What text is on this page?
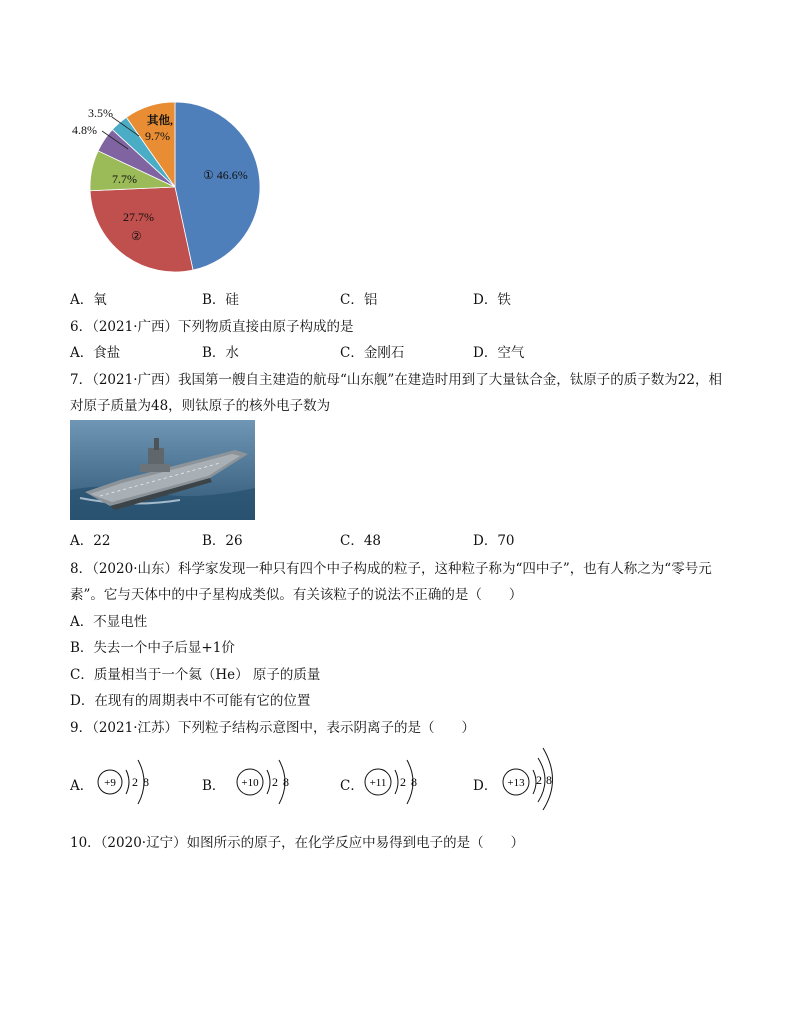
① 46.6%
27.7%
②
7.7%
4.8%
3.5%
其他,
9.7%
A．氧	B．硅	C．铝	D．铁
6．（2021·广西）下列物质直接由原子构成的是
A．食盐	B．水	C．金刚石	D．空气
7．（2021·广西）我国第一艘自主建造的航母“山东舰”在建造时用到了大量钛合金，钛原子的质子数为22，相
对原子质量为48，则钛原子的核外电子数为
A．22	B．26	C．48	D．70
8．（2020·山东）科学家发现一种只有四个中子构成的粒子，这种粒子称为“四中子”，也有人称之为“零号元
素”。它与天体中的中子星构成类似。有关该粒子的说法不正确的是（　　）
A．不显电性
B．失去一个中子后显+1价
C．质量相当于一个氦（He） 原子的质量
D．在现有的周期表中不可能有它的位置
9．（2021·江苏）下列粒子结构示意图中，表示阴离子的是（　　）
A． +9 2 8	B． +10 2 8	C． +11 2 8	D． +13 2 8
10．（2020·辽宁）如图所示的原子，在化学反应中易得到电子的是（　　）
